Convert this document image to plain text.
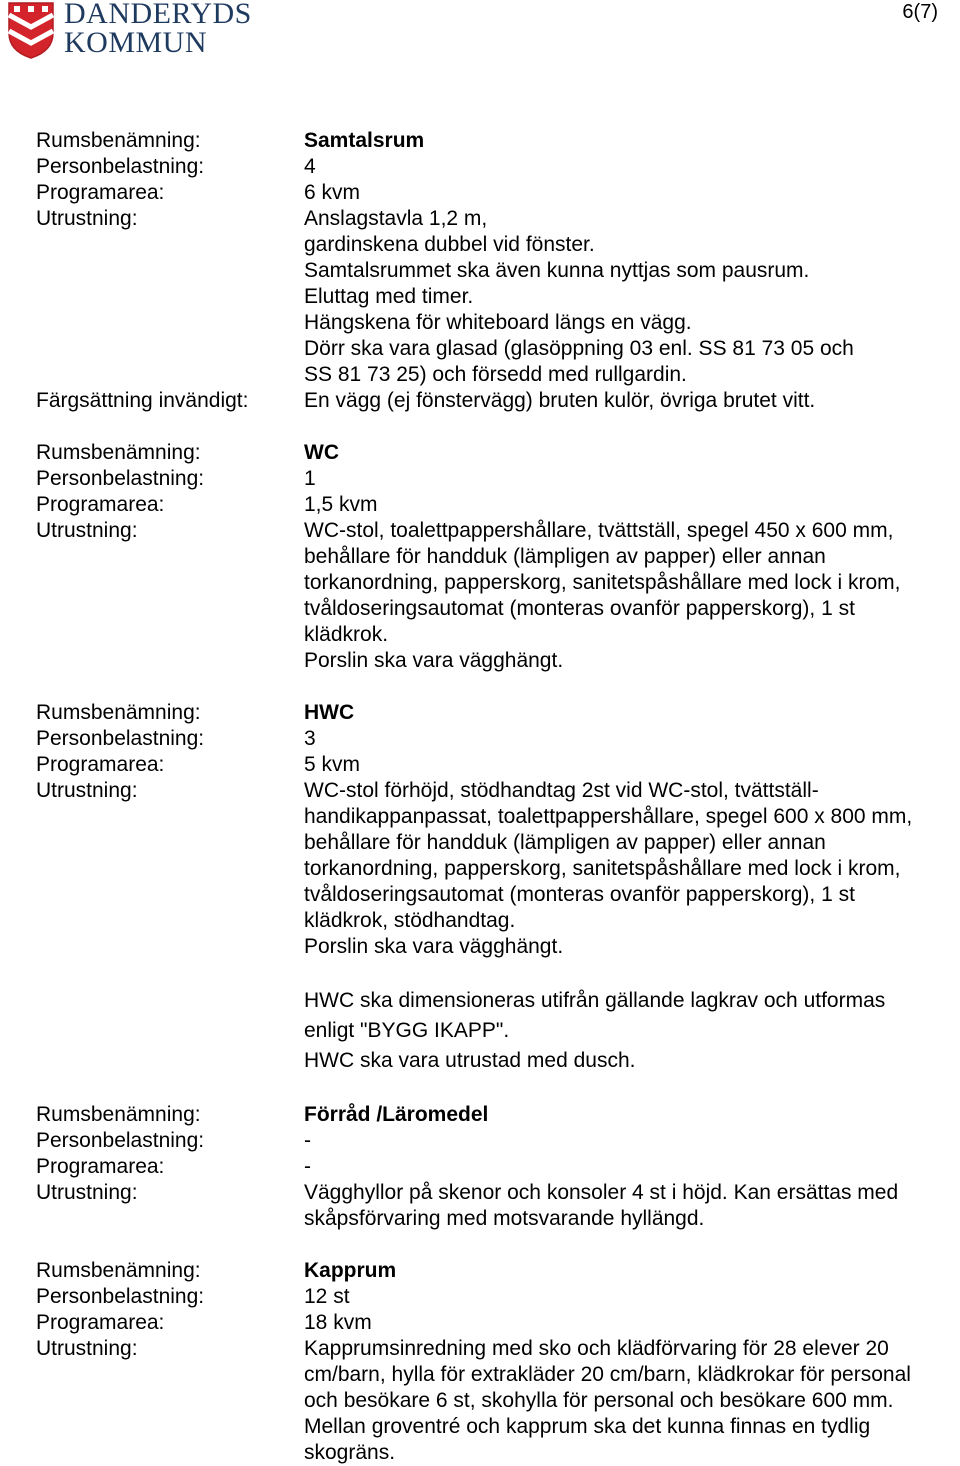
DANDERYDS
KOMMUN
6(7)
Rumsbenämning:	Samtalsrum
Personbelastning:	4
Programarea:	6 kvm
Utrustning:	Anslagstavla 1,2 m,
gardinskena dubbel vid fönster.
Samtalsrummet ska även kunna nyttjas som pausrum.
Eluttag med timer.
Hängskena för whiteboard längs en vägg.
Dörr ska vara glasad (glasöppning 03 enl. SS 81 73 05 och
SS 81 73 25) och försedd med rullgardin.
Färgsättning invändigt:	En vägg (ej fönstervägg) bruten kulör, övriga brutet vitt.
Rumsbenämning:	WC
Personbelastning:	1
Programarea:	1,5 kvm
Utrustning:	WC-stol, toalettpappershållare, tvättställ, spegel 450 x 600 mm,
behållare för handduk (lämpligen av papper) eller annan
torkanordning, papperskorg, sanitetspåshållare med lock i krom,
tvåldoseringsautomat (monteras ovanför papperskorg), 1 st
klädkrok.
Porslin ska vara vägghängt.
Rumsbenämning:	HWC
Personbelastning:	3
Programarea:	5 kvm
Utrustning:	WC-stol förhöjd, stödhandtag 2st vid WC-stol, tvättställ-
handikappanpassat, toalettpappershållare, spegel 600 x 800 mm,
behållare för handduk (lämpligen av papper) eller annan
torkanordning, papperskorg, sanitetspåshållare med lock i krom,
tvåldoseringsautomat (monteras ovanför papperskorg), 1 st
klädkrok, stödhandtag.
Porslin ska vara vägghängt.
HWC ska dimensioneras utifrån gällande lagkrav och utformas
enligt "BYGG IKAPP".
HWC ska vara utrustad med dusch.
Rumsbenämning:	Förråd /Läromedel
Personbelastning:	-
Programarea:	-
Utrustning:	Vägghyllor på skenor och konsoler 4 st i höjd. Kan ersättas med
skåpsförvaring med motsvarande hyllängd.
Rumsbenämning:	Kapprum
Personbelastning:	12 st
Programarea:	18 kvm
Utrustning:	Kapprumsinredning med sko och klädförvaring för 28 elever 20
cm/barn, hylla för extrakläder 20 cm/barn, klädkrokar för personal
och besökare 6 st, skohylla för personal och besökare 600 mm.
Mellan groventré och kapprum ska det kunna finnas en tydlig
skogräns.
